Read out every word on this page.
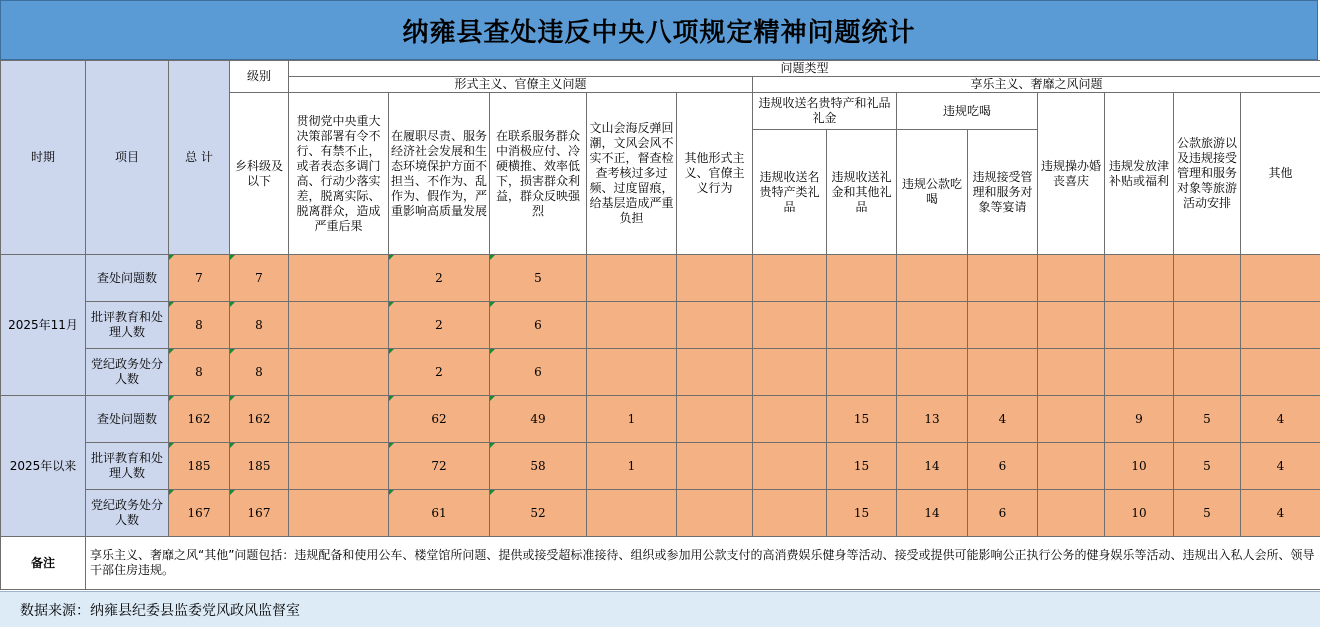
纳雍县查处违反中央八项规定精神问题统计
时期	项目	总 计	级别	问题类型												
				形式主义、官僚主义问题					享乐主义、奢靡之风问题							
			乡科级及以下	贯彻党中央重大决策部署有令不行、有禁不止，或者表态多调门高、行动少落实差，脱离实际、脱离群众，造成严重后果	在履职尽责、服务经济社会发展和生态环境保护方面不担当、不作为、乱作为、假作为，严重影响高质量发展	在联系服务群众中消极应付、冷硬横推、效率低下，损害群众利益，群众反映强烈	文山会海反弹回潮，文风会风不实不正，督查检查考核过多过频、过度留痕，给基层造成严重负担	其他形式主义、官僚主义行为	违规收送名贵特产和礼品礼金		违规吃喝		违规操办婚丧喜庆	违规发放津补贴或福利	公款旅游以及违规接受管理和服务对象等旅游活动安排	其他
									违规收送名贵特产类礼品	违规收送礼金和其他礼品	违规公款吃喝	违规接受管理和服务对象等宴请				
2025年11月	查处问题数	7	7		2	5										
	批评教育和处理人数	8	8		2	6										
	党纪政务处分人数	8	8		2	6										
2025年以来	查处问题数	162	162		62	49	1			15	13	4		9	5	4
	批评教育和处理人数	185	185		72	58	1			15	14	6		10	5	4
	党纪政务处分人数	167	167		61	52				15	14	6		10	5	4
备注	享乐主义、奢靡之风“其他”问题包括：违规配备和使用公车、楼堂馆所问题、提供或接受超标准接待、组织或参加用公款支付的高消费娱乐健身等活动、接受或提供可能影响公正执行公务的健身娱乐等活动、违规出入私人会所、领导干部住房违规。															
数据来源：纳雍县纪委县监委党风政风监督室
